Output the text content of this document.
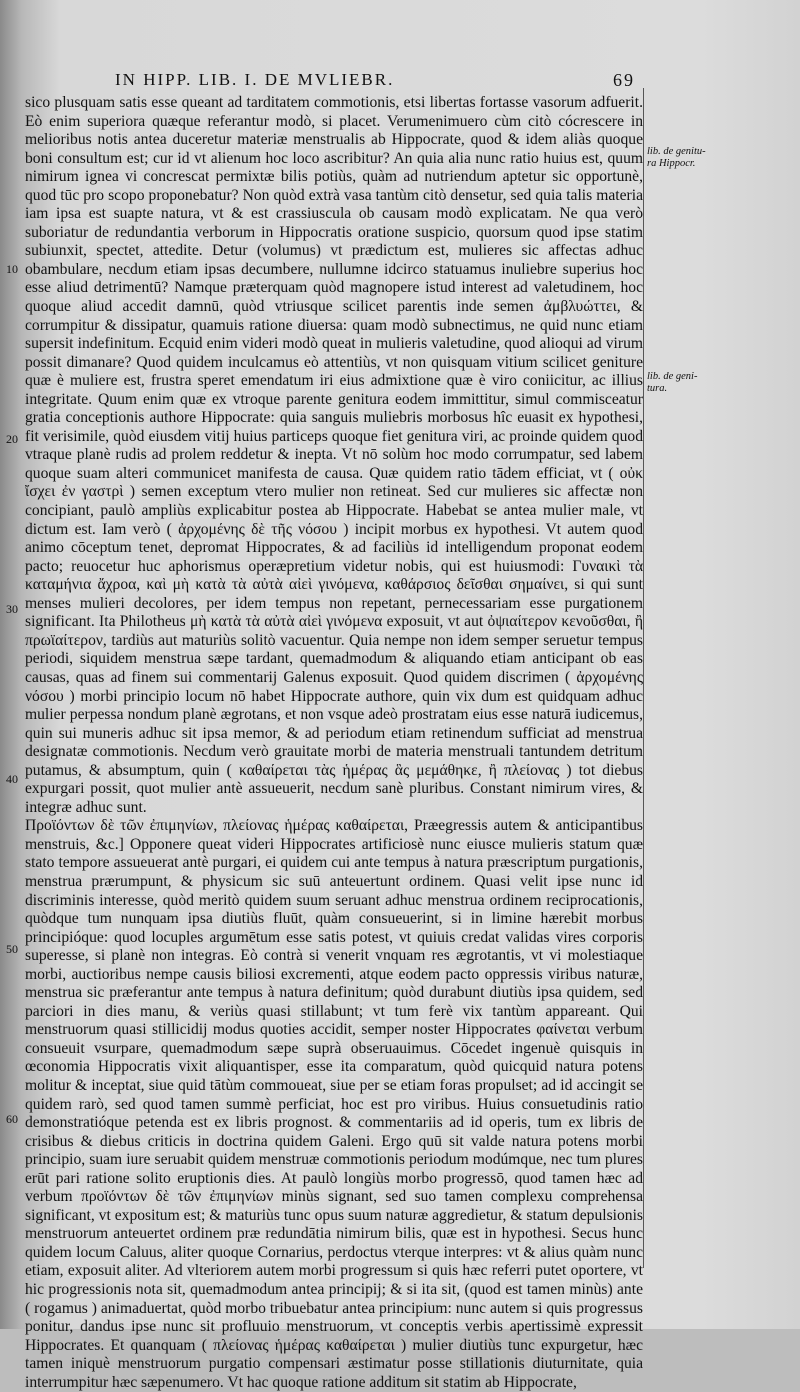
IN HIPP. LIB. I. DE MVLIEBR.	69

sico plusquam satis esse queant ad tarditatem commotionis, etsi libertas fortasse vasorum adfuerit. Eò enim superiora quæque referantur modò, si placet. Verumenimuero cùm citò cócrescere in melioribus notis antea duceretur materiæ menstrualis ab Hippocrate, quod & idem aliàs quoque boni consultum est; cur id vt alienum hoc loco ascribitur? An quia alia nunc ratio huius est, quum nimirum ignea vi concrescat permixtæ bilis potiùs, quàm ad nutriendum aptetur sic opportunè, quod tūc pro scopo proponebatur? Non quòd extrà vasa tantùm citò densetur, sed quia talis materia iam ipsa est suapte natura, vt & est crassiuscula ob causam modò explicatam. Ne qua verò suboriatur de redundantia verborum in Hippocratis oratione suspicio, quorsum quod ipse statim subiunxit, spectet, attedite. Detur (volumus) vt prædictum est, mulieres sic affectas adhuc obambulare, necdum etiam ipsas decumbere, nullumne idcirco statuamus inuliebre superius hoc esse aliud detrimentū? Namque præterquam quòd magnopere istud interest ad valetudinem, hoc quoque aliud accedit damnū, quòd vtriusque scilicet parentis inde semen ἀμβλυώττει, & corrumpitur & dissipatur, quamuis ratione diuersa: quam modò subnectimus, ne quid nunc etiam supersit indefinitum. Ecquid enim videri modò queat in mulieris valetudine, quod alioqui ad virum possit dimanare? Quod quidem inculcamus eò attentiùs, vt non quisquam vitium scilicet geniture quæ è muliere est, frustra speret emendatum iri eius admixtione quæ è viro coniicitur, ac illius integritate. Quum enim quæ ex vtroque parente genitura eodem immittitur, simul commisceatur gratia conceptionis authore Hippocrate: quia sanguis muliebris morbosus hîc euasit ex hypothesi, fit verisimile, quòd eiusdem vitij huius particeps quoque fiet genitura viri, ac proinde quidem quod vtraque planè rudis ad prolem reddetur & inepta. Vt nō solùm hoc modo corrumpatur, sed labem quoque suam alteri communicet manifesta de causa. Quæ quidem ratio tādem efficiat, vt ( οὐκ ἴσχει ἐν γαστρὶ ) semen exceptum vtero mulier non retineat. Sed cur mulieres sic affectæ non concipiant, paulò ampliùs explicabitur postea ab Hippocrate. Habebat se antea mulier male, vt dictum est. Iam verò ( ἀρχομένης δὲ τῆς νόσου ) incipit morbus ex hypothesi. Vt autem quod animo cōceptum tenet, depromat Hippocrates, & ad faciliùs id intelligendum proponat eodem pacto; reuocetur huc aphorismus operæpretium videtur nobis, qui est huiusmodi: Γυναικὶ τὰ καταμήνια ἄχροα, καὶ μὴ κατὰ τὰ αὐτὰ αἰεὶ γινόμενα, καθάρσιος δεῖσθαι σημαίνει, si qui sunt menses mulieri decolores, per idem tempus non repetant, pernecessariam esse purgationem significant. Ita Philotheus μὴ κατὰ τὰ αὐτὰ αἰεὶ γινόμενα exposuit, vt aut ὀψιαίτερον κενοῦσθαι, ἢ πρωϊαίτερον, tardiùs aut maturiùs solitò vacuentur. Quia nempe non idem semper seruetur tempus periodi, siquidem menstrua sæpe tardant, quemadmodum & aliquando etiam anticipant ob eas causas, quas ad finem sui commentarij Galenus exposuit. Quod quidem discrimen ( ἀρχομένης νόσου ) morbi principio locum nō habet Hippocrate authore, quin vix dum est quidquam adhuc mulier perpessa nondum planè ægrotans, et non vsque adeò prostratam eius esse naturā iudicemus, quin sui muneris adhuc sit ipsa memor, & ad periodum etiam retinendum sufficiat ad menstrua designatæ commotionis. Necdum verò grauitate morbi de materia menstruali tantundem detritum putamus, & absumptum, quin ( καθαίρεται τὰς ἡμέρας ἃς μεμάθηκε, ἢ πλείονας ) tot diebus expurgari possit, quot mulier antè assueuerit, necdum sanè pluribus. Constant nimirum vires, & integræ adhuc sunt.

Προϊόντων δὲ τῶν ἐπιμηνίων, πλείονας ἡμέρας καθαίρεται, Præegressis autem & anticipantibus menstruis, &c.] Opponere queat videri Hippocrates artificiosè nunc eiusce mulieris statum quæ stato tempore assueuerat antè purgari, ei quidem cui ante tempus à natura præscriptum purgationis, menstrua prærumpunt, & physicum sic suū anteuertunt ordinem. Quasi velit ipse nunc id discriminis interesse, quòd meritò quidem suum seruant adhuc menstrua ordinem reciprocationis, quòdque tum nunquam ipsa diutiùs fluūt, quàm consueuerint, si in limine hærebit morbus principióque: quod locuples argumētum esse satis potest, vt quiuis credat validas vires corporis superesse, si planè non integras. Eò contrà si venerit vnquam res ægrotantis, vt vi molestiaque morbi, auctioribus nempe causis biliosi excrementi, atque eodem pacto oppressis viribus naturæ, menstrua sic præferantur ante tempus à natura definitum; quòd durabunt diutiùs ipsa quidem, sed parciori in dies manu, & veriùs quasi stillabunt; vt tum ferè vix tantùm appareant. Qui menstruorum quasi stillicidij modus quoties accidit, semper noster Hippocrates φαίνεται verbum consueuit vsurpare, quemadmodum sæpe suprà obseruauimus. Cōcedet ingenuè quisquis in œconomia Hippocratis vixit aliquantisper, esse ita comparatum, quòd quicquid natura potens molitur & inceptat, siue quid tātùm commoueat, siue per se etiam foras propulset; ad id accingit se quidem rarò, sed quod tamen summè perficiat, hoc est pro viribus. Huius consuetudinis ratio demonstratióque petenda est ex libris prognost. & commentariis ad id operis, tum ex libris de crisibus & diebus criticis in doctrina quidem Galeni. Ergo quū sit valde natura potens morbi principio, suam iure seruabit quidem menstruæ commotionis periodum modúmque, nec tum plures erūt pari ratione solito eruptionis dies. At paulò longiùs morbo progressō, quod tamen hæc ad verbum προϊόντων δὲ τῶν ἐπιμηνίων minùs signant, sed suo tamen complexu comprehensa significant, vt expositum est; & maturiùs tunc opus suum naturæ aggredietur, & statum depulsionis menstruorum anteuertet ordinem præ redundātia nimirum bilis, quæ est in hypothesi. Secus hunc quidem locum Caluus, aliter quoque Cornarius, perdoctus vterque interpres: vt & alius quàm nunc etiam, exposuit aliter. Ad vlteriorem autem morbi progressum si quis hæc referri putet oportere, vt hic progressionis nota sit, quemadmodum antea principij; & si ita sit, (quod est tamen minùs) ante ( rogamus ) animaduertat, quòd morbo tribuebatur antea principium: nunc autem si quis progressus ponitur, dandus ipse nunc sit profluuio menstruorum, vt conceptis verbis apertissimè expressit Hippocrates. Et quanquam ( πλείονας ἡμέρας καθαίρεται ) mulier diutiùs tunc expurgetur, hæc tamen iniquè menstruorum purgatio compensari æstimatur posse stillationis diuturnitate, quia interrumpitur hæc sæpenumero. Vt hac quoque ratione additum sit statim ab Hippocrate,

10
20
30
40
50
60
lib. de genitu-ra Hippocr.
lib. de geni-tura.
